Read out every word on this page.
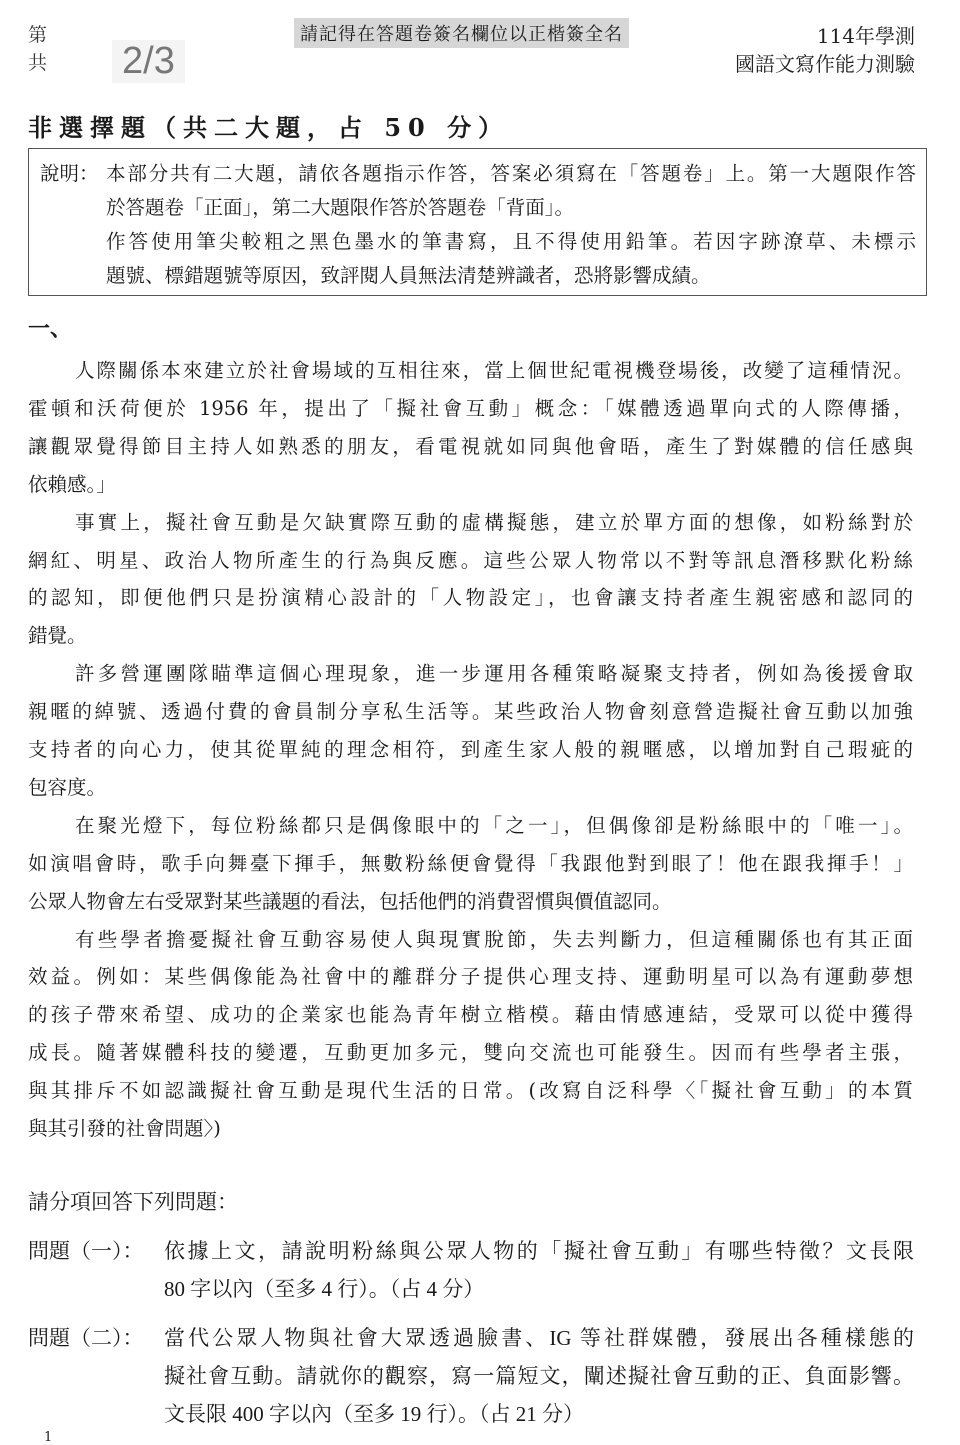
第
共 2/3
請記得在答題卷簽名欄位以正楷簽全名	114年學測
國語文寫作能力測驗
非選擇題（共二大題，占 50 分）
一、
說明： 本部分共有二大題，請依各題指示作答，答案必須寫在「答題卷」上。第一大題限作答
於答題卷「正面」，第二大題限作答於答題卷「背面」。
作答使用筆尖較粗之黑色墨水的筆書寫，且不得使用鉛筆。若因字跡潦草、未標示
題號、標錯題號等原因，致評閱人員無法清楚辨識者，恐將影響成績。
人際關係本來建立於社會場域的互相往來，當上個世紀電視機登場後，改變了這種情況。
霍頓和沃荷便於 1956 年，提出了「擬社會互動」概念：「媒體透過單向式的人際傳播，
讓觀眾覺得節目主持人如熟悉的朋友，看電視就如同與他會晤，產生了對媒體的信任感與
依賴感。」
事實上，擬社會互動是欠缺實際互動的虛構擬態，建立於單方面的想像，如粉絲對於
網紅、明星、政治人物所產生的行為與反應。這些公眾人物常以不對等訊息潛移默化粉絲
的認知，即便他們只是扮演精心設計的「人物設定」，也會讓支持者產生親密感和認同的
錯覺。
許多營運團隊瞄準這個心理現象，進一步運用各種策略凝聚支持者，例如為後援會取
親暱的綽號、透過付費的會員制分享私生活等。某些政治人物會刻意營造擬社會互動以加強
支持者的向心力，使其從單純的理念相符，到產生家人般的親暱感，以增加對自己瑕疵的
包容度。
在聚光燈下，每位粉絲都只是偶像眼中的「之一」，但偶像卻是粉絲眼中的「唯一」。
如演唱會時，歌手向舞臺下揮手，無數粉絲便會覺得「我跟他對到眼了！他在跟我揮手！」
公眾人物會左右受眾對某些議題的看法，包括他們的消費習慣與價值認同。
有些學者擔憂擬社會互動容易使人與現實脫節，失去判斷力，但這種關係也有其正面
效益。例如：某些偶像能為社會中的離群分子提供心理支持、運動明星可以為有運動夢想
的孩子帶來希望、成功的企業家也能為青年樹立楷模。藉由情感連結，受眾可以從中獲得
成長。隨著媒體科技的變遷，互動更加多元，雙向交流也可能發生。因而有些學者主張，
與其排斥不如認識擬社會互動是現代生活的日常。(改寫自泛科學〈「擬社會互動」的本質
與其引發的社會問題〉)
請分項回答下列問題：
問題（一）： 依據上文，請說明粉絲與公眾人物的「擬社會互動」有哪些特徵？文長限
80 字以內（至多 4 行）。（占 4 分）
問題（二）： 當代公眾人物與社會大眾透過臉書、IG 等社群媒體，發展出各種樣態的
擬社會互動。請就你的觀察，寫一篇短文，闡述擬社會互動的正、負面影響。
文長限 400 字以內（至多 19 行）。（占 21 分）
1
